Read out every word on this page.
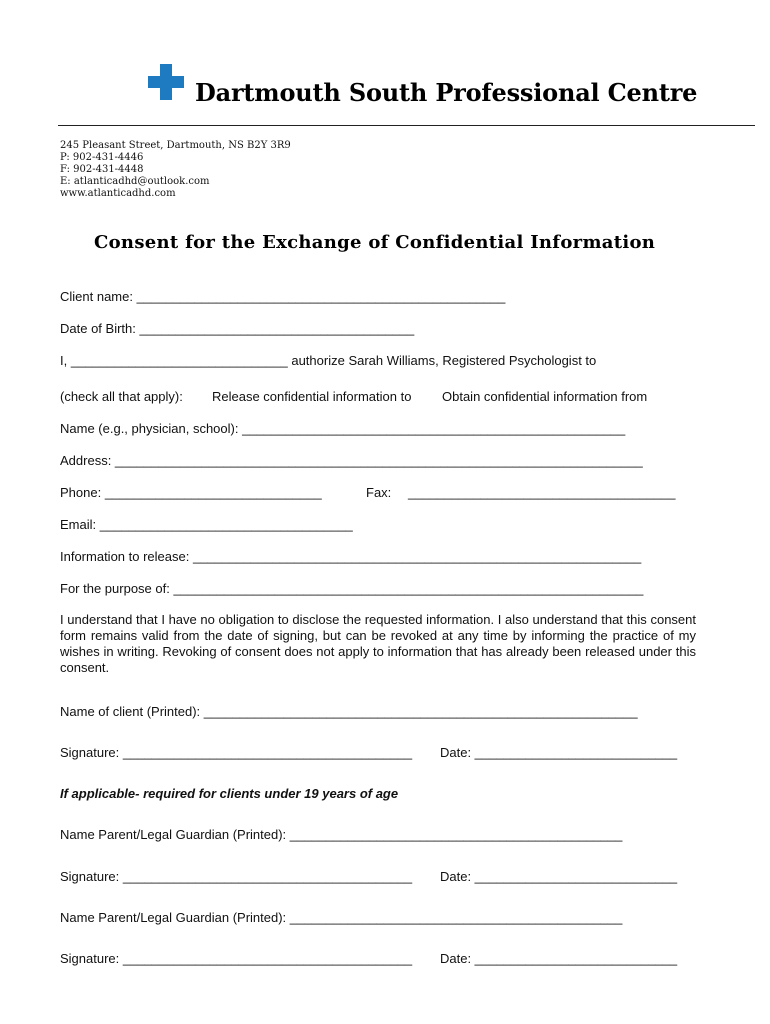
Dartmouth South Professional Centre
245 Pleasant Street, Dartmouth, NS B2Y 3R9
P: 902-431-4446
F: 902-431-4448
E: atlanticadhd@outlook.com
www.atlanticadhd.com
Consent for the Exchange of Confidential Information
Client name: ___________________________________________________
Date of Birth: ______________________________________
I, ______________________________ authorize Sarah Williams, Registered Psychologist to
(check all that apply): Release confidential information to Obtain confidential information from
Name (e.g., physician, school): _____________________________________________________
Address: _________________________________________________________________________
Phone: ______________________________	Fax: _____________________________________
Email: ___________________________________
Information to release: ______________________________________________________________
For the purpose of: _________________________________________________________________
I understand that I have no obligation to disclose the requested information. I also understand that this consent form remains valid from the date of signing, but can be revoked at any time by informing the practice of my wishes in writing. Revoking of consent does not apply to information that has already been released under this consent.
Name of client (Printed): ____________________________________________________________
Signature: ________________________________________ Date: ____________________________
If applicable- required for clients under 19 years of age
Name Parent/Legal Guardian (Printed): ______________________________________________
Signature: ________________________________________ Date: ____________________________
Name Parent/Legal Guardian (Printed): ______________________________________________
Signature: ________________________________________ Date: ____________________________
